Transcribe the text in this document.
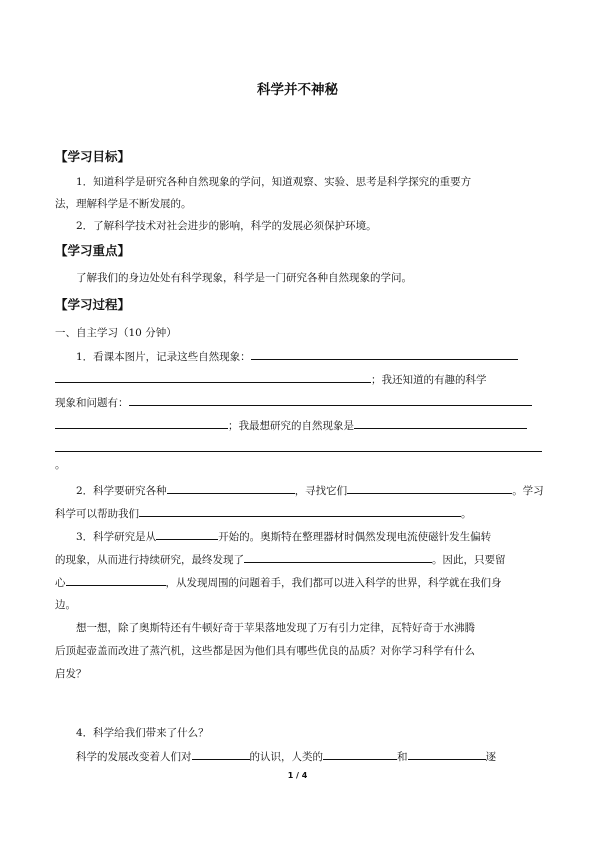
科学并不神秘
【学习目标】
1．知道科学是研究各种自然现象的学问，知道观察、实验、思考是科学探究的重要方
法，理解科学是不断发展的。
2．了解科学技术对社会进步的影响，科学的发展必须保护环境。
【学习重点】
了解我们的身边处处有科学现象，科学是一门研究各种自然现象的学问。
【学习过程】
一、自主学习（10 分钟）
1．看课本图片，记录这些自然现象：
；我还知道的有趣的科学
现象和问题有：
；我最想研究的自然现象是
。
2．科学要研究各种	，寻找它们	。学习
科学可以帮助我们	。
3．科学研究是从	开始的。奥斯特在整理器材时偶然发现电流使磁针发生偏转
的现象，从而进行持续研究，最终发现了	。因此，只要留
心	，从发现周围的问题着手，我们都可以进入科学的世界，科学就在我们身
边。
想一想，除了奥斯特还有牛顿好奇于苹果落地发现了万有引力定律，瓦特好奇于水沸腾
后顶起壶盖而改进了蒸汽机，这些都是因为他们具有哪些优良的品质？对你学习科学有什么
启发？
4．科学给我们带来了什么？
科学的发展改变着人们对	的认识，人类的	和	逐
1 / 4
